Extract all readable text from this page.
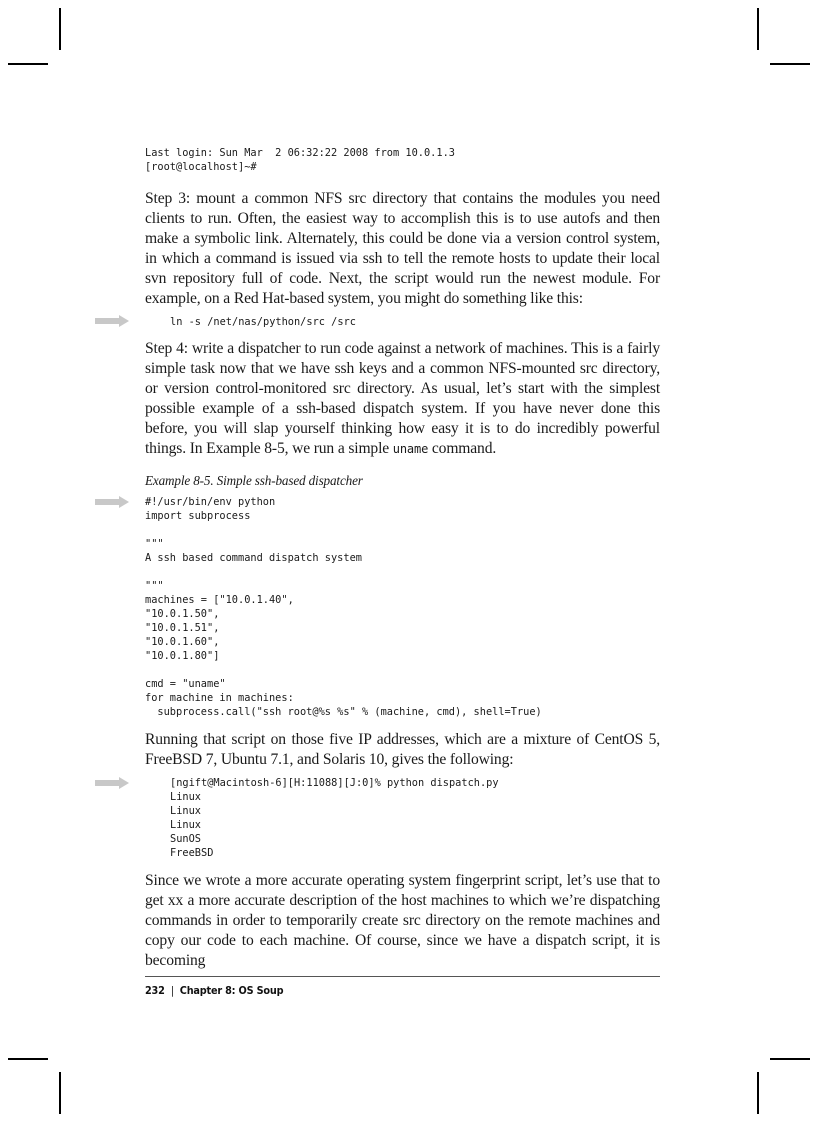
Last login: Sun Mar  2 06:32:22 2008 from 10.0.1.3
[root@localhost]~#

Step 3: mount a common NFS src directory that contains the modules you need clients to run. Often, the easiest way to accomplish this is to use autofs and then make a symbolic link. Alternately, this could be done via a version control system, in which a command is issued via ssh to tell the remote hosts to update their local svn repository full of code. Next, the script would run the newest module. For example, on a Red Hat-based system, you might do something like this:

ln -s /net/nas/python/src /src

Step 4: write a dispatcher to run code against a network of machines. This is a fairly simple task now that we have ssh keys and a common NFS-mounted src directory, or version control-monitored src directory. As usual, let’s start with the simplest possible example of a ssh-based dispatch system. If you have never done this before, you will slap yourself thinking how easy it is to do incredibly powerful things. In Example 8-5, we run a simple uname command.

Example 8-5. Simple ssh-based dispatcher

#!/usr/bin/env python
import subprocess

"""
A ssh based command dispatch system

"""
machines = ["10.0.1.40",
"10.0.1.50",
"10.0.1.51",
"10.0.1.60",
"10.0.1.80"]

cmd = "uname"
for machine in machines:
subprocess.call("ssh root@%s %s" % (machine, cmd), shell=True)

Running that script on those five IP addresses, which are a mixture of CentOS 5, FreeBSD 7, Ubuntu 7.1, and Solaris 10, gives the following:

[ngift@Macintosh-6][H:11088][J:0]% python dispatch.py
Linux
Linux
Linux
SunOS
FreeBSD

Since we wrote a more accurate operating system fingerprint script, let’s use that to get xx a more accurate description of the host machines to which we’re dispatching commands in order to temporarily create src directory on the remote machines and copy our code to each machine. Of course, since we have a dispatch script, it is becoming

232 | Chapter 8: OS Soup
